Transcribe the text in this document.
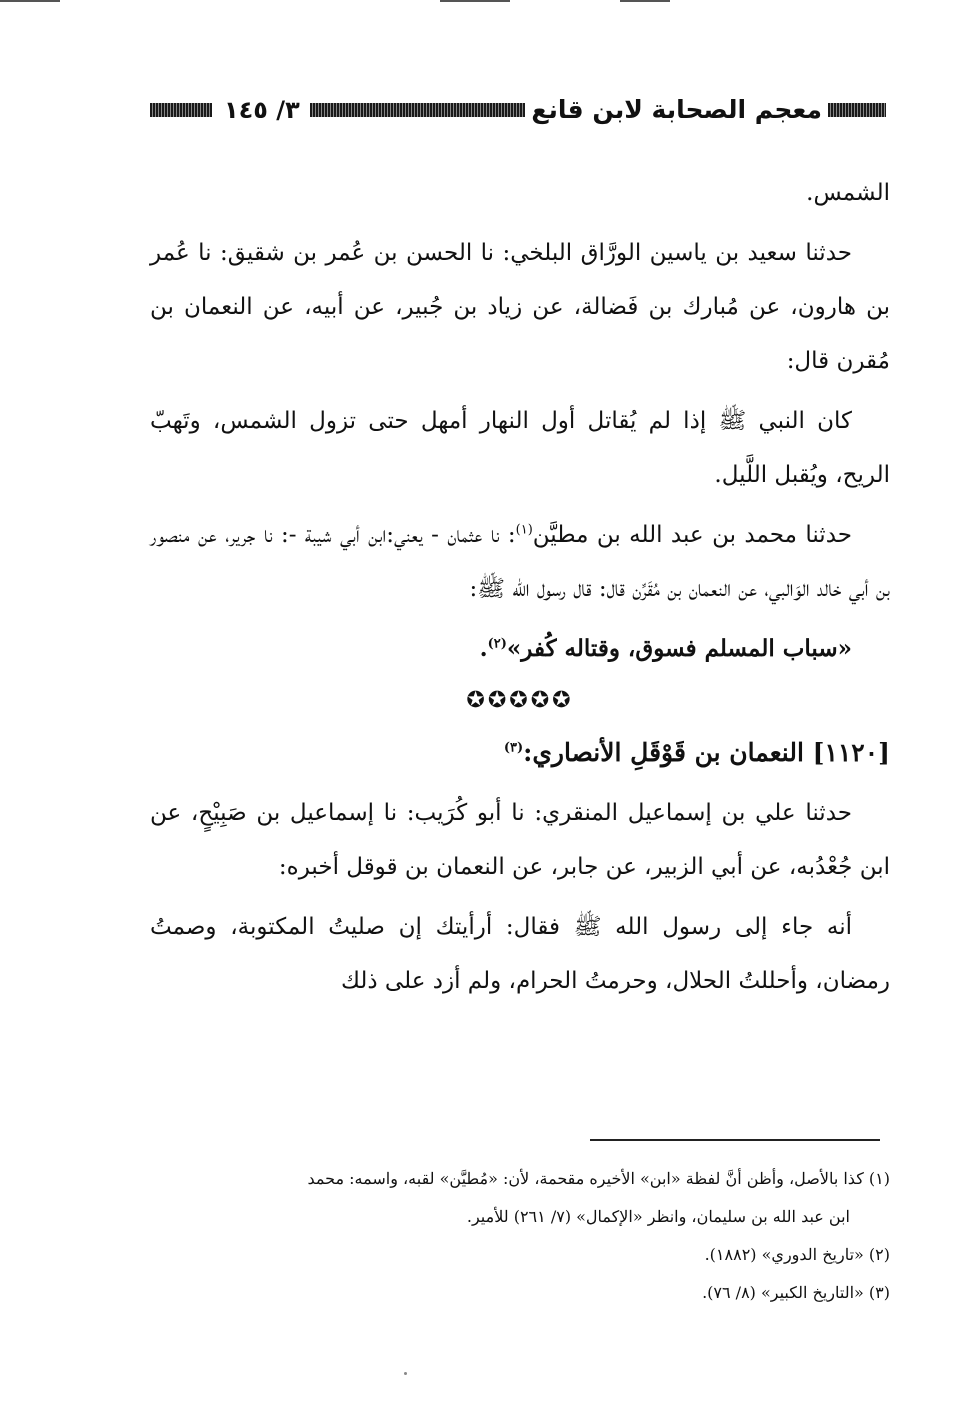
معجم الصحابة لابن قانع
٣/ ١٤٥

الشمس.

حدثنا سعيد بن ياسين الورَّاق البلخي: نا الحسن بن عُمر بن شقيق: نا عُمر بن هارون، عن مُبارك بن فَضالة، عن زياد بن جُبير، عن أبيه، عن النعمان بن مُقرن قال:

كان النبي ﷺ إذا لم يُقاتل أول النهار أمهل حتى تزول الشمس، وتَهبّ الريح، ويُقبل اللَّيل.

حدثنا محمد بن عبد الله بن مطيَّن$^{(١)}$: نا عثمان - يعني:ابن أبي شيبة -: نا جرير، عن منصور بن أبي خالد الوَالبي، عن النعمان بن مُقَرِّن قال: قال رسول الله ﷺ:

«سباب المسلم فسوق، وقتاله كُفر»$^{(٢)}$.

✪✪✪✪✪

[١١٢٠] النعمان بن قَوْقَلِ الأنصاري:$^{(٣)}$

حدثنا علي بن إسماعيل المنقري: نا أبو كُرَيب: نا إسماعيل بن صَبِيْحٍ، عن ابن جُعْدُبه، عن أبي الزبير، عن جابر، عن النعمان بن قوقل أخبره:

أنه جاء إلى رسول الله ﷺ فقال: أرأيتك إن صليتُ المكتوبة، وصمتُ رمضان، وأحللتُ الحلال، وحرمتُ الحرام، ولم أزد على ذلك

(١) كذا بالأصل، وأظن أنَّ لفظة «ابن» الأخيره مقحمة، لأن: «مُطيَّن» لقبه، واسمه: محمد

ابن عبد الله بن سليمان، وانظر «الإكمال» (٧/ ٢٦١) للأمير.

(٢) «تاريخ الدوري» (١٨٨٢).

(٣) «التاريخ الكبير» (٨/ ٧٦).
